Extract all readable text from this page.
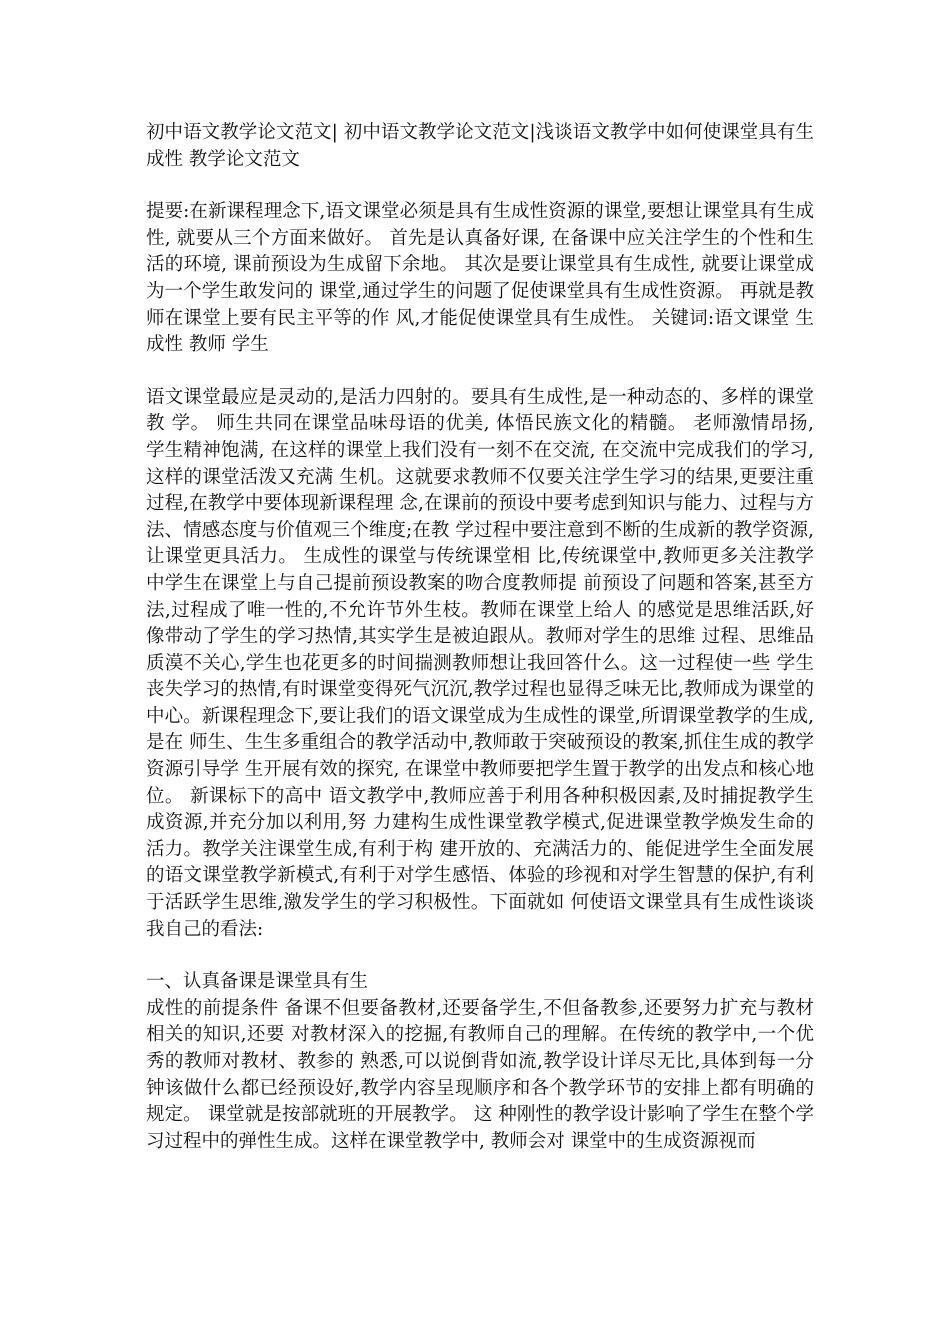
初中语文教学论文范文| 初中语文教学论文范文|浅谈语文教学中如何使课堂具有生成性 教学论文范文

提要:在新课程理念下,语文课堂必须是具有生成性资源的课堂,要想让课堂具有生成 性, 就要从三个方面来做好。 首先是认真备好课, 在备课中应关注学生的个性和生活的环境, 课前预设为生成留下余地。 其次是要让课堂具有生成性, 就要让课堂成为一个学生敢发问的 课堂,通过学生的问题了促使课堂具有生成性资源。 再就是教师在课堂上要有民主平等的作 风,才能促使课堂具有生成性。 关键词:语文课堂 生成性 教师 学生

语文课堂最应是灵动的,是活力四射的。要具有生成性,是一种动态的、多样的课堂教 学。 师生共同在课堂品味母语的优美, 体悟民族文化的精髓。 老师激情昂扬, 学生精神饱满, 在这样的课堂上我们没有一刻不在交流, 在交流中完成我们的学习, 这样的课堂活泼又充满 生机。这就要求教师不仅要关注学生学习的结果,更要注重过程,在教学中要体现新课程理 念,在课前的预设中要考虑到知识与能力、过程与方法、情感态度与价值观三个维度;在教 学过程中要注意到不断的生成新的教学资源, 让课堂更具活力。 生成性的课堂与传统课堂相 比,传统课堂中,教师更多关注教学中学生在课堂上与自己提前预设教案的吻合度教师提 前预设了问题和答案,甚至方法,过程成了唯一性的,不允许节外生枝。教师在课堂上给人 的感觉是思维活跃,好像带动了学生的学习热情,其实学生是被迫跟从。教师对学生的思维 过程、思维品质漠不关心,学生也花更多的时间揣测教师想让我回答什么。这一过程使一些 学生丧失学习的热情,有时课堂变得死气沉沉,教学过程也显得乏味无比,教师成为课堂的 中心。新课程理念下,要让我们的语文课堂成为生成性的课堂,所谓课堂教学的生成,是在 师生、生生多重组合的教学活动中,教师敢于突破预设的教案,抓住生成的教学资源引导学 生开展有效的探究, 在课堂中教师要把学生置于教学的出发点和核心地位。 新课标下的高中 语文教学中,教师应善于利用各种积极因素,及时捕捉教学生成资源,并充分加以利用,努 力建构生成性课堂教学模式,促进课堂教学焕发生命的活力。教学关注课堂生成,有利于构 建开放的、充满活力的、能促进学生全面发展的语文课堂教学新模式,有利于对学生感悟、体验的珍视和对学生智慧的保护,有利于活跃学生思维,激发学生的学习积极性。下面就如 何使语文课堂具有生成性谈谈我自己的看法:

一、认真备课是课堂具有生

成性的前提条件 备课不但要备教材,还要备学生,不但备教参,还要努力扩充与教材相关的知识,还要 对教材深入的挖掘,有教师自己的理解。在传统的教学中,一个优秀的教师对教材、教参的 熟悉,可以说倒背如流,教学设计详尽无比,具体到每一分钟该做什么都已经预设好,教学内容呈现顺序和各个教学环节的安排上都有明确的规定。 课堂就是按部就班的开展教学。 这 种刚性的教学设计影响了学生在整个学习过程中的弹性生成。这样在课堂教学中, 教师会对 课堂中的生成资源视而
